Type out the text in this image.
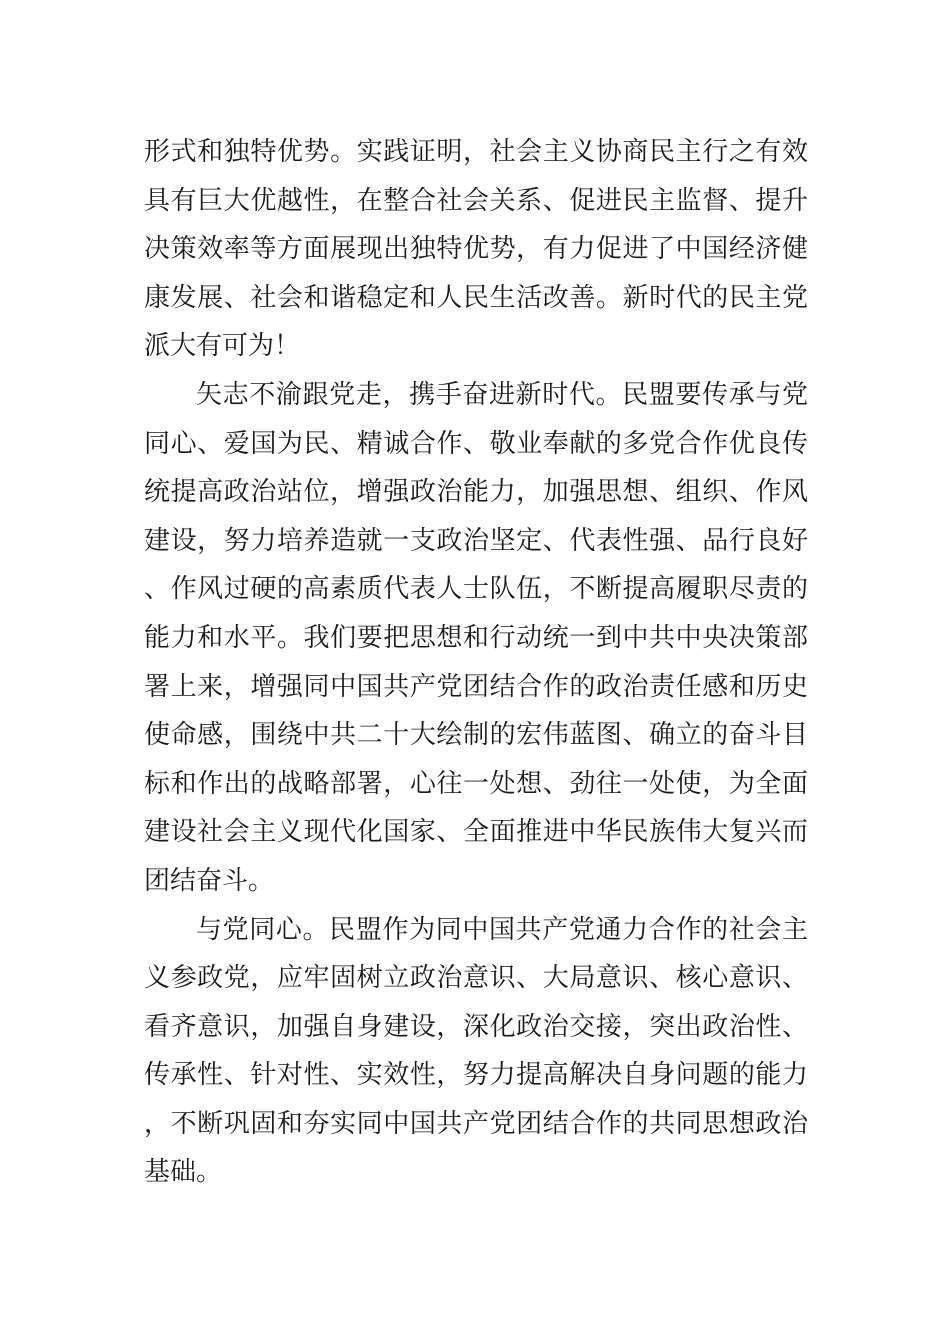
形式和独特优势。实践证明，社会主义协商民主行之有效具有巨大优越性，在整合社会关系、促进民主监督、提升决策效率等方面展现出独特优势，有力促进了中国经济健康发展、社会和谐稳定和人民生活改善。新时代的民主党派大有可为！

矢志不渝跟党走，携手奋进新时代。民盟要传承与党同心、爱国为民、精诚合作、敬业奉献的多党合作优良传统提高政治站位，增强政治能力，加强思想、组织、作风建设，努力培养造就一支政治坚定、代表性强、品行良好、作风过硬的高素质代表人士队伍，不断提高履职尽责的能力和水平。我们要把思想和行动统一到中共中央决策部署上来，增强同中国共产党团结合作的政治责任感和历史使命感，围绕中共二十大绘制的宏伟蓝图、确立的奋斗目标和作出的战略部署，心往一处想、劲往一处使，为全面建设社会主义现代化国家、全面推进中华民族伟大复兴而团结奋斗。

与党同心。民盟作为同中国共产党通力合作的社会主义参政党，应牢固树立政治意识、大局意识、核心意识、看齐意识，加强自身建设，深化政治交接，突出政治性、传承性、针对性、实效性，努力提高解决自身问题的能力，不断巩固和夯实同中国共产党团结合作的共同思想政治基础。
